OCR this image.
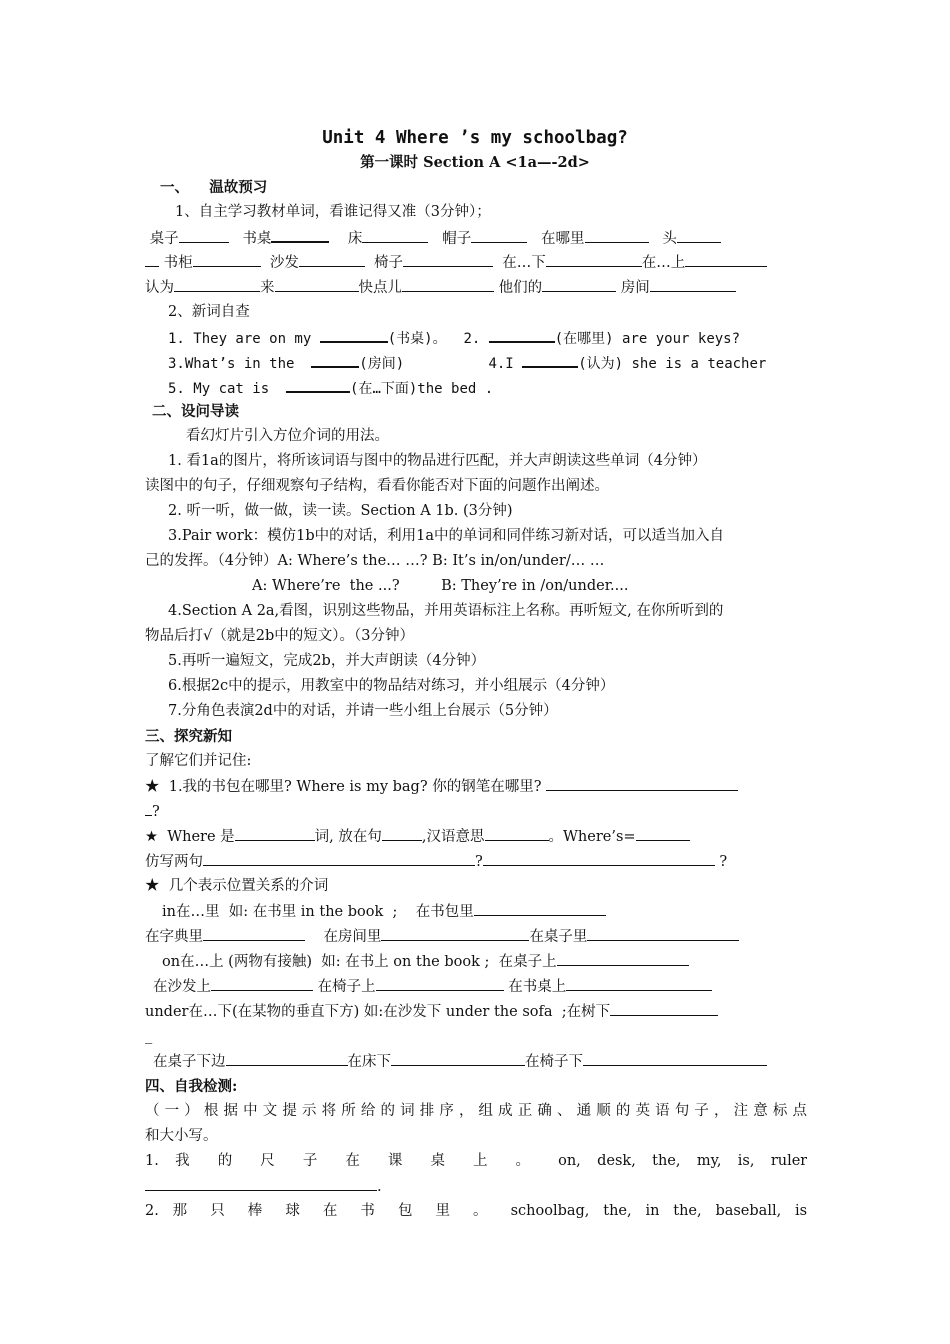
Unit 4 Where ’s my schoolbag?
第一课时 Section A <1a—-2d>
一、 温故预习
1、自主学习教材单词，看谁记得又准（3分钟）；
桌子	书桌	床	帽子	在哪里	头
书柜	沙发	椅子	在…下	在…上
认为	来	快点儿	他们的	房间
2、新词自查
1. They are on my	(书桌)。 2.	(在哪里) are your keys?
3.What’s in the	(房间)	4.I	(认为) she is a teacher
5. My cat is	(在…下面)the bed .
二、设问导读
看幻灯片引入方位介词的用法。
1. 看1a的图片，将所该词语与图中的物品进行匹配，并大声朗读这些单词（4分钟）
读图中的句子，仔细观察句子结构，看看你能否对下面的问题作出阐述。
2. 听一听，做一做，读一读。Section A 1b. (3分钟)
3.Pair work：模仿1b中的对话，利用1a中的单词和同伴练习新对话，可以适当加入自
己的发挥。（4分钟）A: Where’s the… …? B: It’s in/on/under/… …
A: Where’re  the ...?         B: They’re in /on/under....
4.Section A 2a,看图，识别这些物品，并用英语标注上名称。再听短文, 在你所听到的
物品后打√（就是2b中的短文）。（3分钟）
5.再听一遍短文，完成2b，并大声朗读（4分钟）
6.根据2c中的提示，用教室中的物品结对练习，并小组展示（4分钟）
7.分角色表演2d中的对话，并请一些小组上台展示（5分钟）
三、探究新知
了解它们并记住:
★ 1.我的书包在哪里? Where is my bag? 你的钢笔在哪里?
?
★ Where 是	词, 放在句	,汉语意思	。Where’s=
仿写两句	?	?
★ 几个表示位置关系的介词
in在…里  如: 在书里 in the book  ;    在书包里
在字典里	在房间里	在桌子里
on在…上 (两物有接触)  如: 在书上 on the book ;  在桌子上
在沙发上	在椅子上	在书桌上
under在…下(在某物的垂直下方) 如:在沙发下 under the sofa  ;在树下
_
在桌子下边	在床下	在椅子下
四、自我检测:
（一）根据中文提示将所给的词排序，组成正确、通顺的英语句子，注意标点
和大小写。
1. 我 的 尺 子 在 课 桌 上 。 on, desk, the, my, is, ruler
.
2. 那 只 棒 球 在 书 包 里 。 schoolbag, the, in the, baseball, is
